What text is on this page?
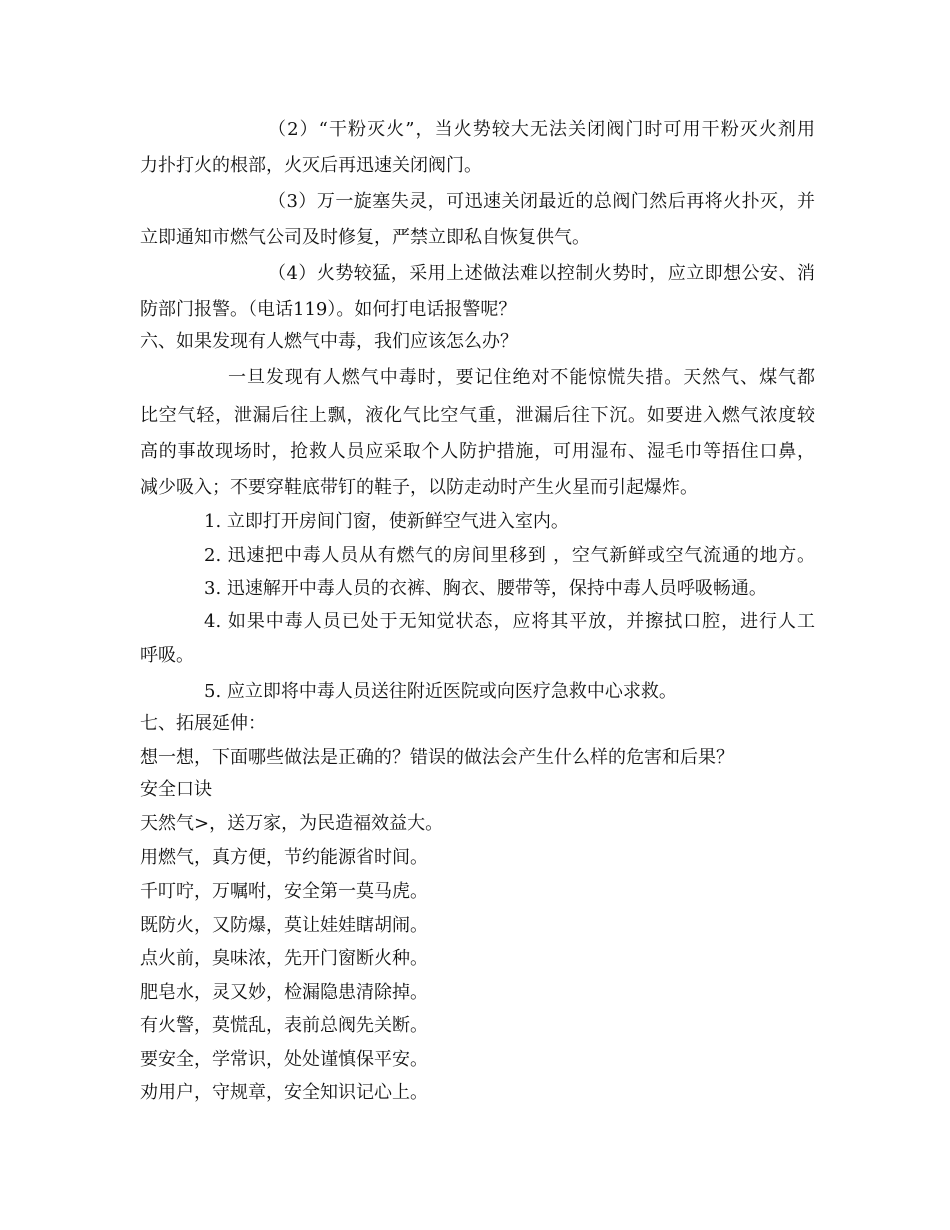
（2）“干粉灭火”，当火势较大无法关闭阀门时可用干粉灭火剂用
力扑打火的根部，火灭后再迅速关闭阀门。
（3）万一旋塞失灵，可迅速关闭最近的总阀门然后再将火扑灭，并
立即通知市燃气公司及时修复，严禁立即私自恢复供气。
（4）火势较猛，采用上述做法难以控制火势时，应立即想公安、消
防部门报警。（电话119）。如何打电话报警呢？
六、如果发现有人燃气中毒，我们应该怎么办？
一旦发现有人燃气中毒时，要记住绝对不能惊慌失措。天然气、煤气都
比空气轻，泄漏后往上飘，液化气比空气重，泄漏后往下沉。如要进入燃气浓度较
高的事故现场时，抢救人员应采取个人防护措施，可用湿布、湿毛巾等捂住口鼻，
减少吸入；不要穿鞋底带钉的鞋子，以防走动时产生火星而引起爆炸。
1. 立即打开房间门窗，使新鲜空气进入室内。
2. 迅速把中毒人员从有燃气的房间里移到 ，空气新鲜或空气流通的地方。
3. 迅速解开中毒人员的衣裤、胸衣、腰带等，保持中毒人员呼吸畅通。
4. 如果中毒人员已处于无知觉状态，应将其平放，并擦拭口腔，进行人工
呼吸。
5. 应立即将中毒人员送往附近医院或向医疗急救中心求救。
七、拓展延伸：
想一想，下面哪些做法是正确的？错误的做法会产生什么样的危害和后果？
安全口诀
天然气>，送万家，为民造福效益大。
用燃气，真方便，节约能源省时间。
千叮咛，万嘱咐，安全第一莫马虎。
既防火，又防爆，莫让娃娃瞎胡闹。
点火前，臭味浓，先开门窗断火种。
肥皂水，灵又妙，检漏隐患清除掉。
有火警，莫慌乱，表前总阀先关断。
要安全，学常识，处处谨慎保平安。
劝用户，守规章，安全知识记心上。
